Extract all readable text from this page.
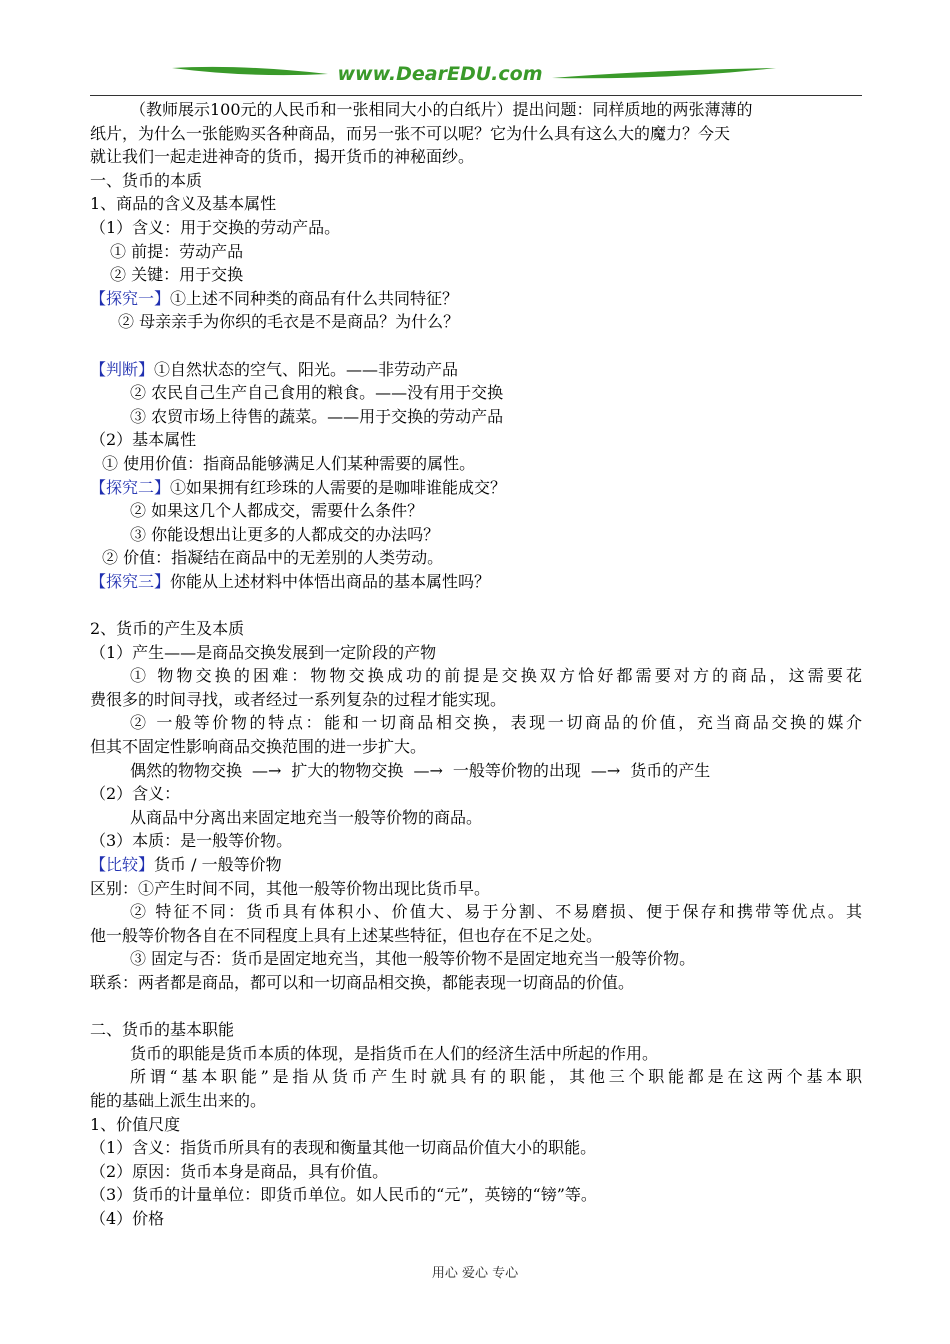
www.DearEDU.com
（教师展示100元的人民币和一张相同大小的白纸片）提出问题：同样质地的两张薄薄的
纸片，为什么一张能购买各种商品，而另一张不可以呢？它为什么具有这么大的魔力？今天
就让我们一起走进神奇的货币，揭开货币的神秘面纱。
一、货币的本质
1、商品的含义及基本属性
（1）含义：用于交换的劳动产品。
① 前提：劳动产品
② 关键：用于交换
【探究一】①上述不同种类的商品有什么共同特征？
② 母亲亲手为你织的毛衣是不是商品？为什么？
【判断】①自然状态的空气、阳光。——非劳动产品
② 农民自己生产自己食用的粮食。——没有用于交换
③ 农贸市场上待售的蔬菜。——用于交换的劳动产品
（2）基本属性
① 使用价值：指商品能够满足人们某种需要的属性。
【探究二】①如果拥有红珍珠的人需要的是咖啡谁能成交？
② 如果这几个人都成交，需要什么条件？
③ 你能设想出让更多的人都成交的办法吗？
② 价值：指凝结在商品中的无差别的人类劳动。
【探究三】你能从上述材料中体悟出商品的基本属性吗？
2、货币的产生及本质
（1）产生——是商品交换发展到一定阶段的产物
① 物物交换的困难：物物交换成功的前提是交换双方恰好都需要对方的商品，这需要花
费很多的时间寻找，或者经过一系列复杂的过程才能实现。
② 一般等价物的特点：能和一切商品相交换，表现一切商品的价值，充当商品交换的媒介
但其不固定性影响商品交换范围的进一步扩大。
偶然的物物交换 —→ 扩大的物物交换 —→ 一般等价物的出现 —→ 货币的产生
（2）含义：
从商品中分离出来固定地充当一般等价物的商品。
（3）本质：是一般等价物。
【比较】货币 / 一般等价物
区别：①产生时间不同，其他一般等价物出现比货币早。
② 特征不同：货币具有体积小、价值大、易于分割、不易磨损、便于保存和携带等优点。其
他一般等价物各自在不同程度上具有上述某些特征，但也存在不足之处。
③ 固定与否：货币是固定地充当，其他一般等价物不是固定地充当一般等价物。
联系：两者都是商品，都可以和一切商品相交换，都能表现一切商品的价值。
二、货币的基本职能
货币的职能是货币本质的体现，是指货币在人们的经济生活中所起的作用。
所谓“基本职能”是指从货币产生时就具有的职能，其他三个职能都是在这两个基本职
能的基础上派生出来的。
1、价值尺度
（1）含义：指货币所具有的表现和衡量其他一切商品价值大小的职能。
（2）原因：货币本身是商品，具有价值。
（3）货币的计量单位：即货币单位。如人民币的“元”，英镑的“镑”等。
（4）价格
用心 爱心 专心
